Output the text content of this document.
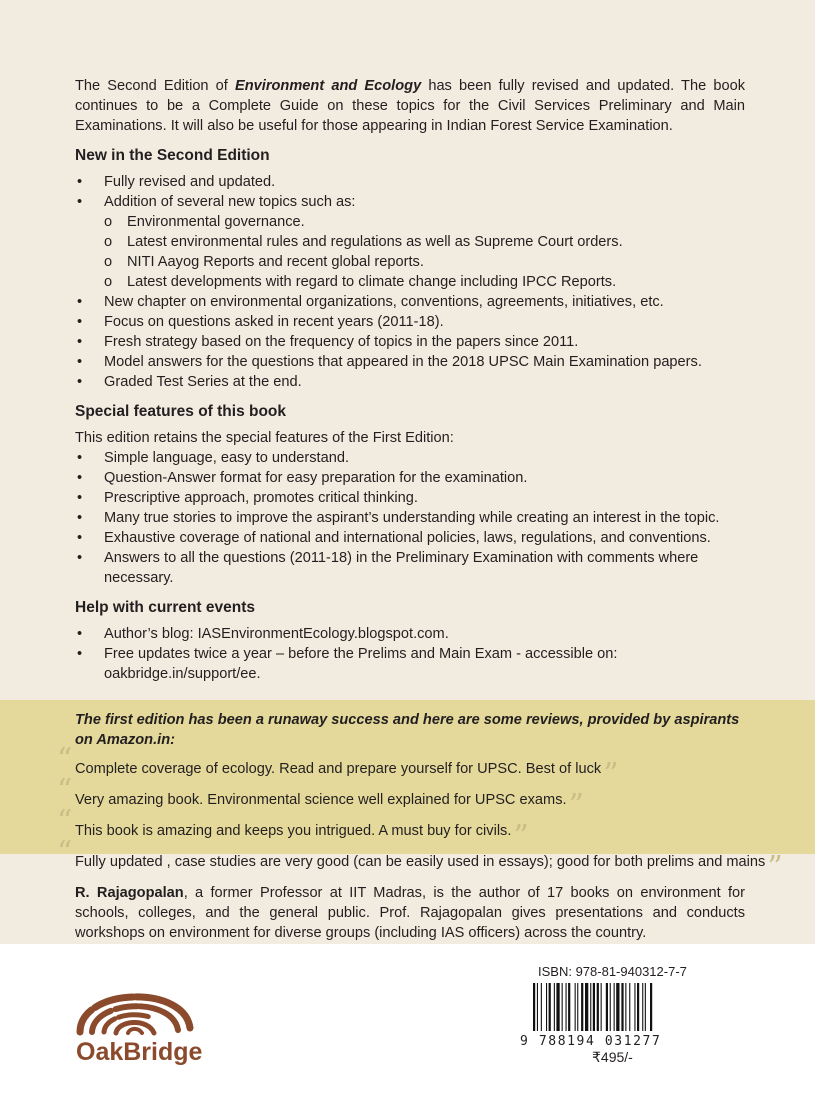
The Second Edition of Environment and Ecology has been fully revised and updated. The book continues to be a Complete Guide on these topics for the Civil Services Preliminary and Main Examinations. It will also be useful for those appearing in Indian Forest Service Examination.

New in the Second Edition
• Fully revised and updated.
• Addition of several new topics such as:
o Environmental governance.
o Latest environmental rules and regulations as well as Supreme Court orders.
o NITI Aayog Reports and recent global reports.
o Latest developments with regard to climate change including IPCC Reports.
• New chapter on environmental organizations, conventions, agreements, initiatives, etc.
• Focus on questions asked in recent years (2011-18).
• Fresh strategy based on the frequency of topics in the papers since 2011.
• Model answers for the questions that appeared in the 2018 UPSC Main Examination papers.
• Graded Test Series at the end.
Special features of this book

This edition retains the special features of the First Edition:

• Simple language, easy to understand.
• Question-Answer format for easy preparation for the examination.
• Prescriptive approach, promotes critical thinking.
• Many true stories to improve the aspirant’s understanding while creating an interest in the topic.
• Exhaustive coverage of national and international policies, laws, regulations, and conventions.
• Answers to all the questions (2011-18) in the Preliminary Examination with comments where necessary.
Help with current events
• Author’s blog: IASEnvironmentEcology.blogspot.com.
• Free updates twice a year – before the Prelims and Main Exam - accessible on: oakbridge.in/support/ee.
The first edition has been a runaway success and here are some reviews, provided by aspirants on Amazon.in:
“ Complete coverage of ecology. Read and prepare yourself for UPSC. Best of luck”
“ Very amazing book. Environmental science well explained for UPSC exams.”
“ This book is amazing and keeps you intrigued. A must buy for civils.”
“ Fully updated , case studies are very good (can be easily used in essays); good for both prelims and mains”

R. Rajagopalan, a former Professor at IIT Madras, is the author of 17 books on environment for schools, colleges, and the general public. Prof. Rajagopalan gives presentations and conducts workshops on environment for diverse groups (including IAS officers) across the country.

OakBridge
ISBN: 978-81-940312-7-7
9 788194 031277
₹495/-
